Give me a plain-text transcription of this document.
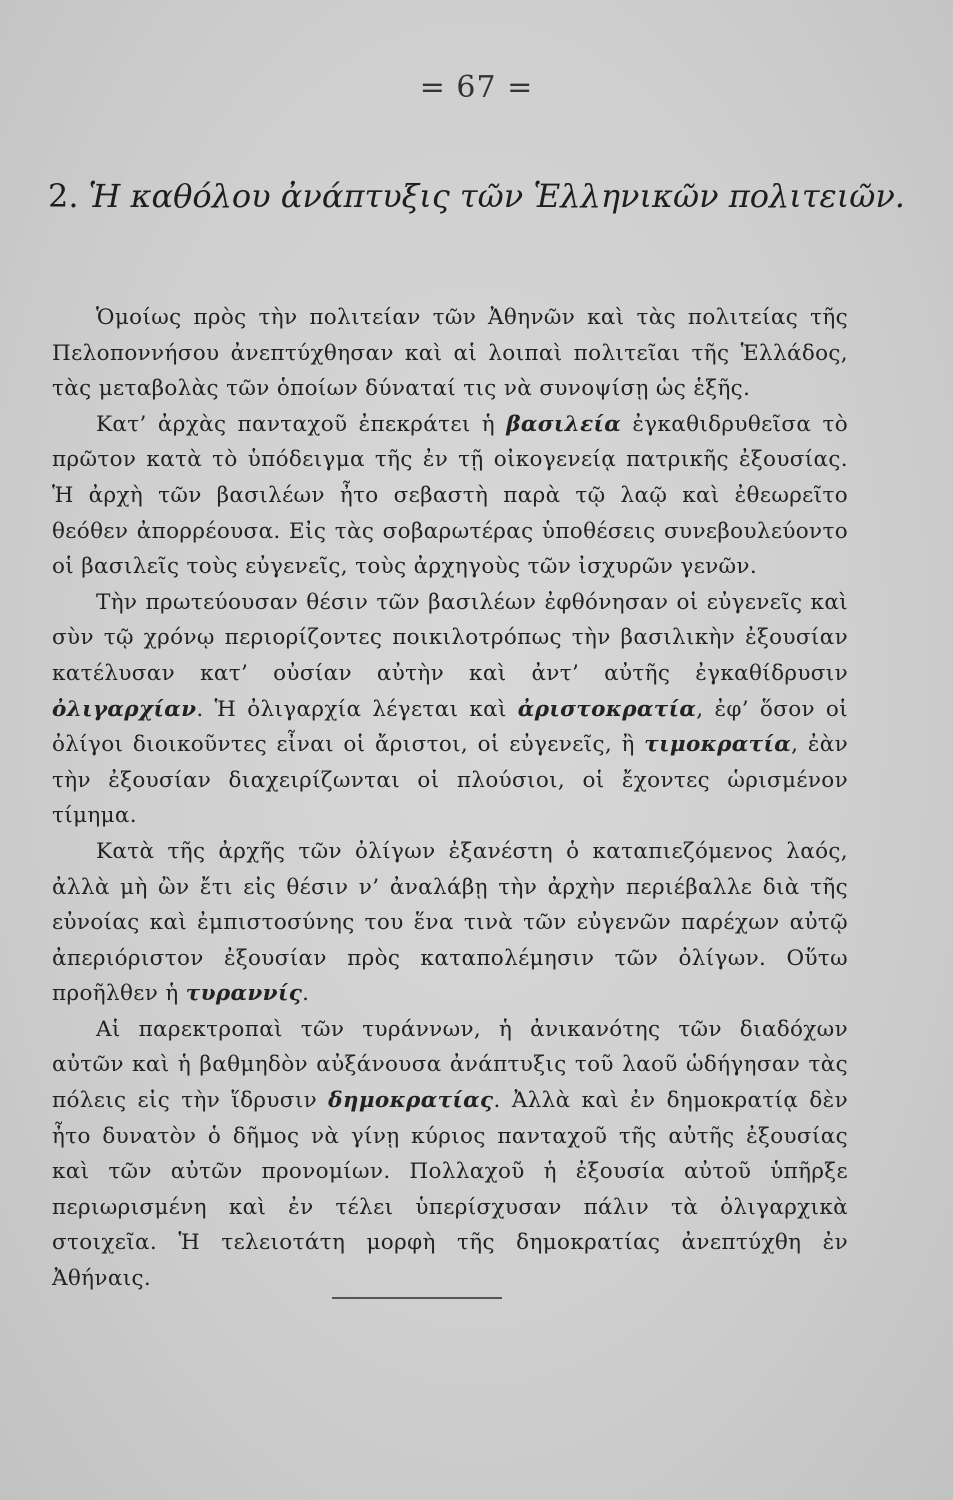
= 67 =
2. Ἡ καθόλου ἀνάπτυξις τῶν Ἑλληνικῶν πολιτειῶν.

Ὁμοίως πρὸς τὴν πολιτείαν τῶν Ἀθηνῶν καὶ τὰς πολιτείας τῆς Πελοποννήσου ἀνεπτύχθησαν καὶ αἱ λοιπαὶ πολιτεῖαι τῆς Ἑλλάδος, τὰς μεταβολὰς τῶν ὁποίων δύναταί τις νὰ συνοψίσῃ ὡς ἑξῆς.

Κατ’ ἀρχὰς πανταχοῦ ἐπεκράτει ἡ βασιλεία ἐγκαθιδρυθεῖσα τὸ πρῶτον κατὰ τὸ ὑπόδειγμα τῆς ἐν τῇ οἰκογενείᾳ πατρικῆς ἐξουσίας. Ἡ ἀρχὴ τῶν βασιλέων ἦτο σεβαστὴ παρὰ τῷ λαῷ καὶ ἐθεωρεῖτο θεόθεν ἀπορρέουσα. Εἰς τὰς σοβαρωτέρας ὑποθέσεις συνεβουλεύοντο οἱ βασιλεῖς τοὺς εὐγενεῖς, τοὺς ἀρχηγοὺς τῶν ἰσχυρῶν γενῶν.

Τὴν πρωτεύουσαν θέσιν τῶν βασιλέων ἐφθόνησαν οἱ εὐγενεῖς καὶ σὺν τῷ χρόνῳ περιορίζοντες ποικιλοτρόπως τὴν βασιλικὴν ἐξουσίαν κατέλυσαν κατ’ οὐσίαν αὐτὴν καὶ ἀντ’ αὐτῆς ἐγκαθίδρυσιν ὀλιγαρχίαν. Ἡ ὀλιγαρχία λέγεται καὶ ἀριστοκρατία, ἐφ’ ὅσον οἱ ὀλίγοι διοικοῦντες εἶναι οἱ ἄριστοι, οἱ εὐγενεῖς, ἢ τιμοκρατία, ἐὰν τὴν ἐξουσίαν διαχειρίζωνται οἱ πλούσιοι, οἱ ἔχοντες ὡρισμένον τίμημα.

Κατὰ τῆς ἀρχῆς τῶν ὀλίγων ἐξανέστη ὁ καταπιεζόμενος λαός, ἀλλὰ μὴ ὢν ἔτι εἰς θέσιν ν’ ἀναλάβῃ τὴν ἀρχὴν περιέβαλλε διὰ τῆς εὐνοίας καὶ ἐμπιστοσύνης του ἕνα τινὰ τῶν εὐγενῶν παρέχων αὐτῷ ἀπεριόριστον ἐξουσίαν πρὸς καταπολέμησιν τῶν ὀλίγων. Οὕτω προῆλθεν ἡ τυραννίς.

Αἱ παρεκτροπαὶ τῶν τυράννων, ἡ ἀνικανότης τῶν διαδόχων αὐτῶν καὶ ἡ βαθμηδὸν αὐξάνουσα ἀνάπτυξις τοῦ λαοῦ ὡδήγησαν τὰς πόλεις εἰς τὴν ἵδρυσιν δημοκρατίας. Ἀλλὰ καὶ ἐν δημοκρατίᾳ δὲν ἦτο δυνατὸν ὁ δῆμος νὰ γίνῃ κύριος πανταχοῦ τῆς αὐτῆς ἐξουσίας καὶ τῶν αὐτῶν προνομίων. Πολλαχοῦ ἡ ἐξουσία αὐτοῦ ὑπῆρξε περιωρισμένη καὶ ἐν τέλει ὑπερίσχυσαν πάλιν τὰ ὀλιγαρχικὰ στοιχεῖα. Ἡ τελειοτάτη μορφὴ τῆς δημοκρατίας ἀνεπτύχθη ἐν Ἀθήναις.
